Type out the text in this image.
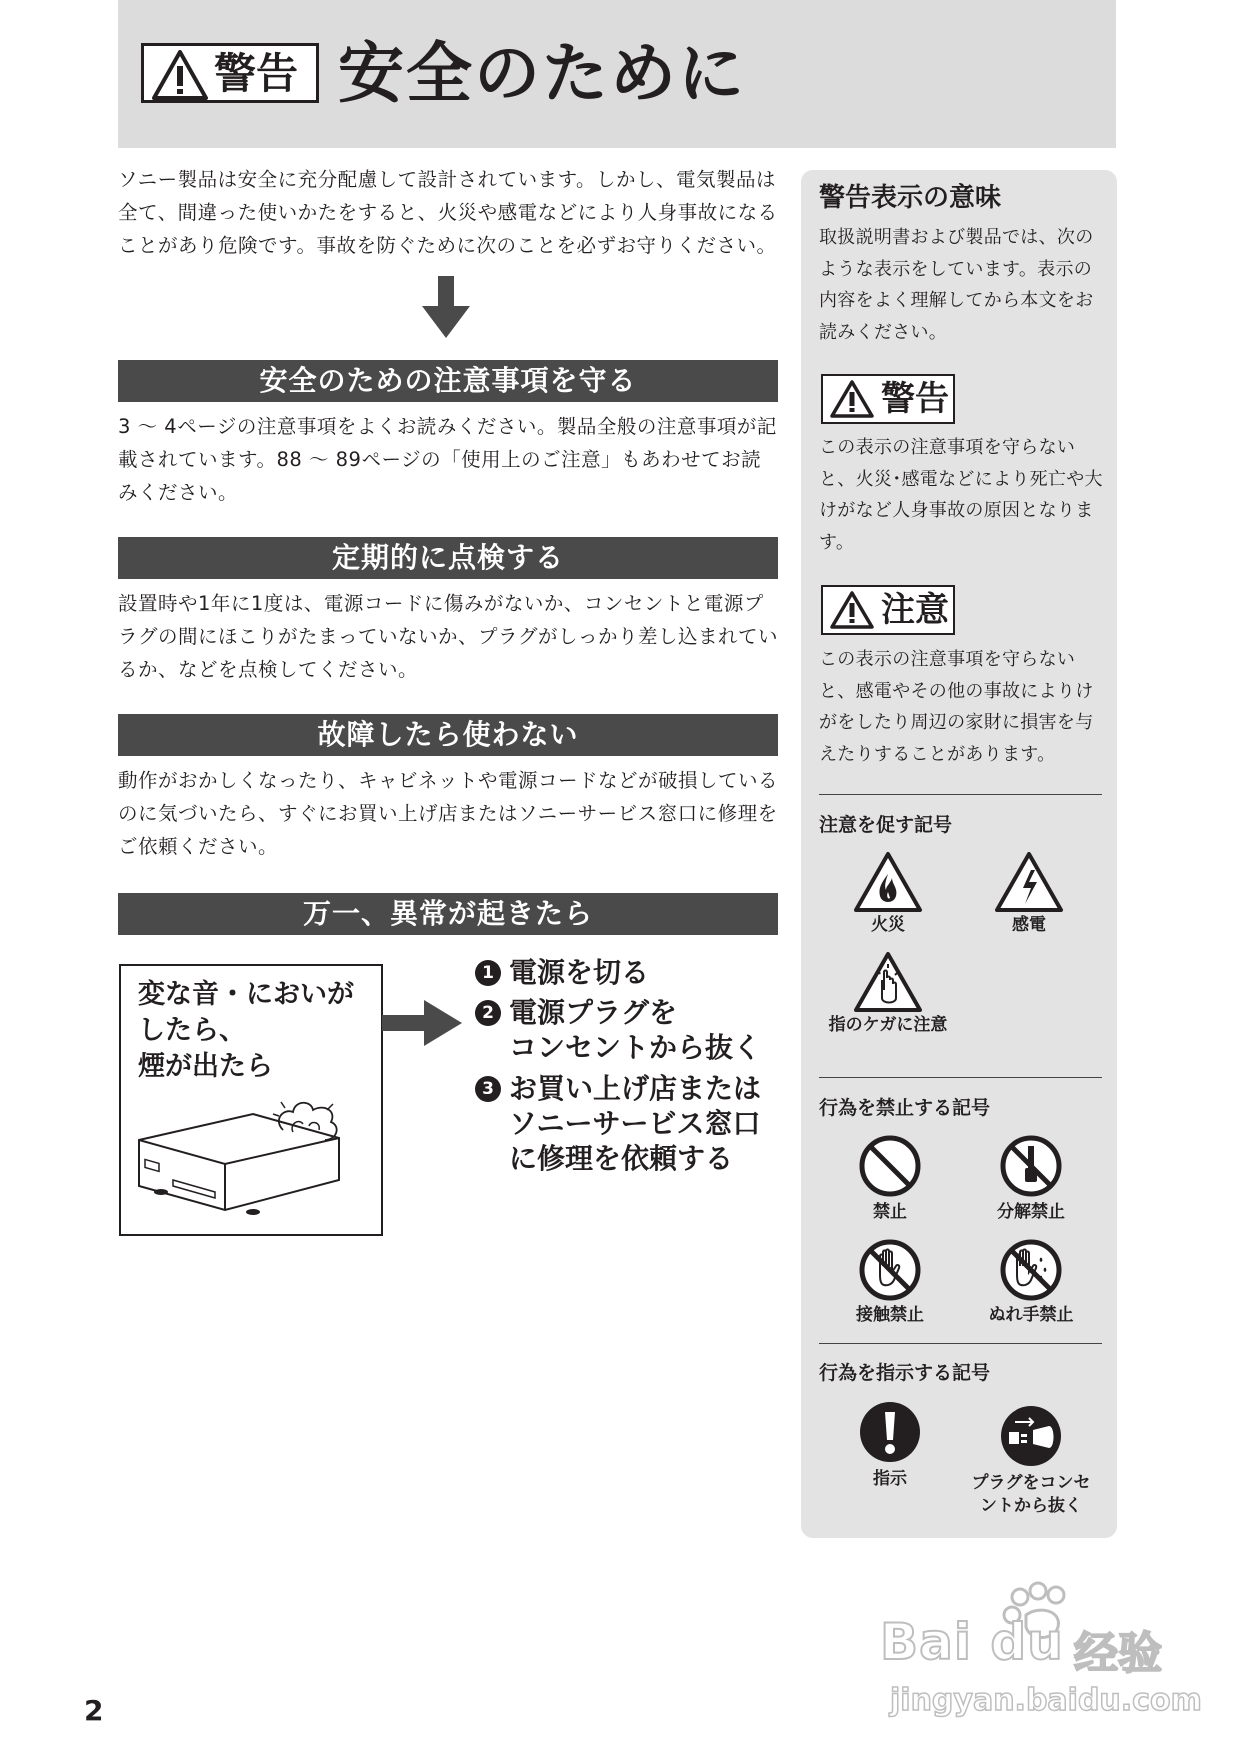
警告 安全のために
ソニー製品は安全に充分配慮して設計されています。しかし、電気製品は全て、間違った使いかたをすると、火災や感電などにより人身事故になることがあり危険です。事故を防ぐために次のことを必ずお守りください。
安全のための注意事項を守る
3 ～ 4ページの注意事項をよくお読みください。製品全般の注意事項が記載されています。88 ～ 89ページの「使用上のご注意」もあわせてお読みください。
定期的に点検する
設置時や1年に1度は、電源コードに傷みがないか、コンセントと電源プラグの間にほこりがたまっていないか、プラグがしっかり差し込まれているか、などを点検してください。
故障したら使わない
動作がおかしくなったり、キャビネットや電源コードなどが破損しているのに気づいたら、すぐにお買い上げ店またはソニーサービス窓口に修理をご依頼ください。
万一、異常が起きたら
変な音・においが
したら、
煙が出たら
1 電源を切る
2 電源プラグを
コンセントから抜く
3 お買い上げ店または
ソニーサービス窓口
に修理を依頼する
警告表示の意味
取扱説明書および製品では、次のような表示をしています。表示の内容をよく理解してから本文をお読みください。
警告
この表示の注意事項を守らないと、火災･感電などにより死亡や大けがなど人身事故の原因となります。
注意
この表示の注意事項を守らないと、感電やその他の事故によりけがをしたり周辺の家財に損害を与えたりすることがあります。
注意を促す記号
火災	感電
指のケガに注意
行為を禁止する記号
禁止	分解禁止
接触禁止	ぬれ手禁止
行為を指示する記号
指示	プラグをコンセントから抜く
2
Bai du 经验
jingyan.baidu.com
